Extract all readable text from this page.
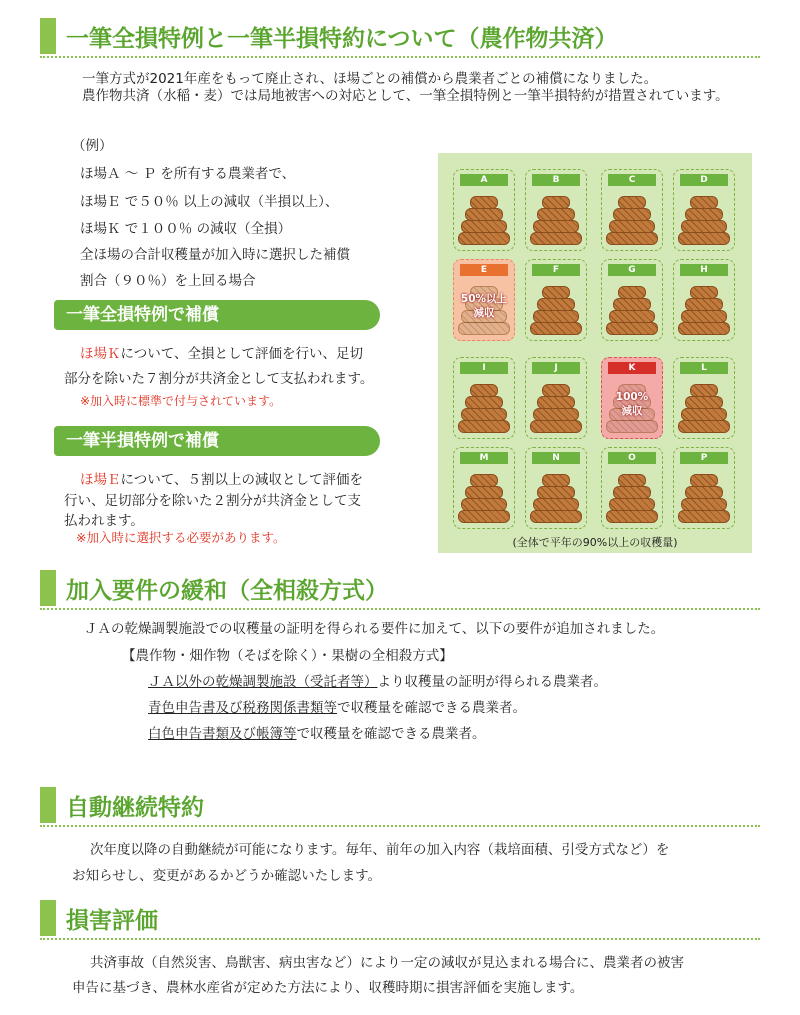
一筆全損特例と一筆半損特約について（農作物共済）
一筆方式が2021年産をもって廃止され、ほ場ごとの補償から農業者ごとの補償になりました。
農作物共済（水稲・麦）では局地被害への対応として、一筆全損特例と一筆半損特約が措置されています。
（例）
ほ場Ａ ～ Ｐ を所有する農業者で、
ほ場Ｅ で５０％ 以上の減収（半損以上）、
ほ場Ｋ で１００％ の減収（全損）
全ほ場の合計収穫量が加入時に選択した補償
割合（９０％）を上回る場合
一筆全損特例で補償
ほ場Ｋについて、全損として評価を行い、足切
部分を除いた７割分が共済金として支払われます。
※加入時に標準で付与されています。
一筆半損特例で補償
ほ場Ｅについて、５割以上の減収として評価を
行い、足切部分を除いた２割分が共済金として支
払われます。
※加入時に選択する必要があります。
A	B	C	D
E
50%以上
減収
F	G	H
I	J	K
100%
減収
L
M	N	O	P
(全体で平年の90%以上の収穫量)
加入要件の緩和（全相殺方式）
ＪＡの乾燥調製施設での収穫量の証明を得られる要件に加えて、以下の要件が追加されました。
【農作物・畑作物（そばを除く）・果樹の全相殺方式】
ＪＡ以外の乾燥調製施設（受託者等）より収穫量の証明が得られる農業者。
青色申告書及び税務関係書類等で収穫量を確認できる農業者。
白色申告書類及び帳簿等で収穫量を確認できる農業者。
自動継続特約
次年度以降の自動継続が可能になります。毎年、前年の加入内容（栽培面積、引受方式など）を
お知らせし、変更があるかどうか確認いたします。
損害評価
共済事故（自然災害、鳥獣害、病虫害など）により一定の減収が見込まれる場合に、農業者の被害
申告に基づき、農林水産省が定めた方法により、収穫時期に損害評価を実施します。
